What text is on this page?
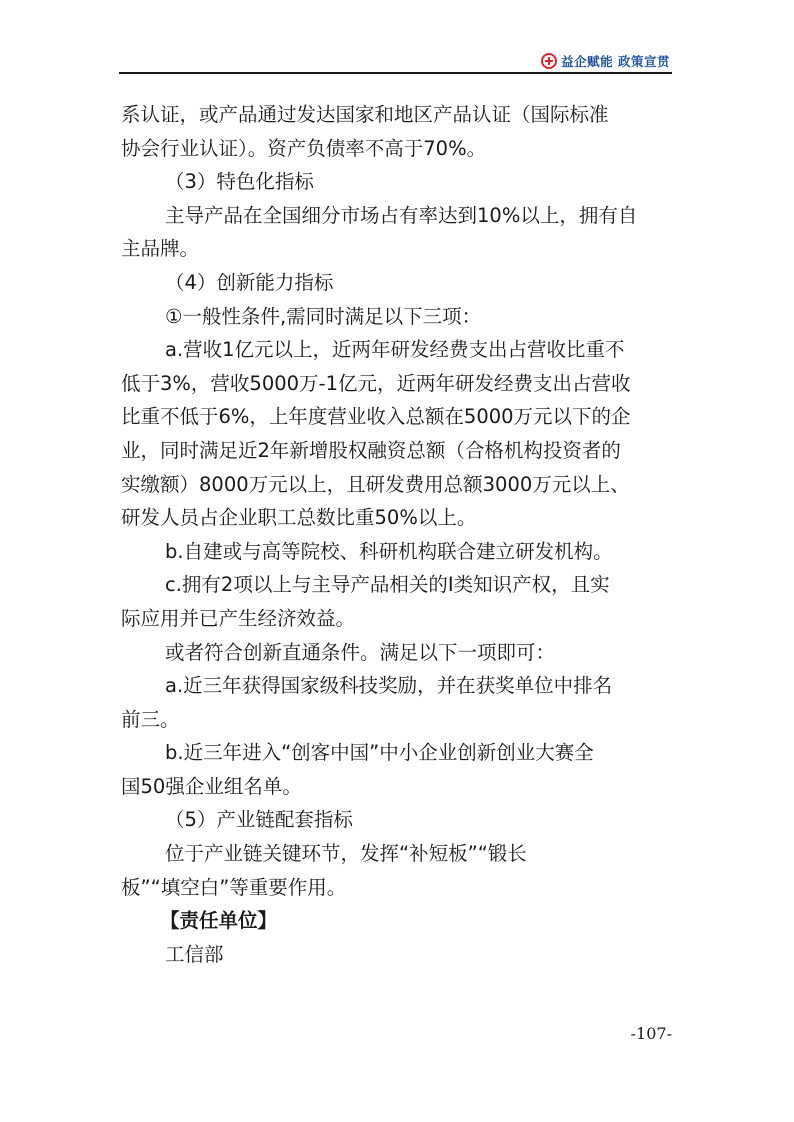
益企赋能 政策宣贯

系认证，或产品通过发达国家和地区产品认证（国际标准

协会行业认证）。资产负债率不高于70%。

（3）特色化指标

主导产品在全国细分市场占有率达到10%以上，拥有自

主品牌。

（4）创新能力指标

①一般性条件,需同时满足以下三项：

a.营收1亿元以上，近两年研发经费支出占营收比重不

低于3%，营收5000万-1亿元，近两年研发经费支出占营收

比重不低于6%，上年度营业收入总额在5000万元以下的企

业，同时满足近2年新增股权融资总额（合格机构投资者的

实缴额）8000万元以上，且研发费用总额3000万元以上、

研发人员占企业职工总数比重50%以上。

b.自建或与高等院校、科研机构联合建立研发机构。

c.拥有2项以上与主导产品相关的Ⅰ类知识产权，且实

际应用并已产生经济效益。

或者符合创新直通条件。满足以下一项即可：

a.近三年获得国家级科技奖励，并在获奖单位中排名

前三。

b.近三年进入“创客中国”中小企业创新创业大赛全

国50强企业组名单。

（5）产业链配套指标

位于产业链关键环节，发挥“补短板”“锻长

板”“填空白”等重要作用。

【责任单位】

工信部

-107-
